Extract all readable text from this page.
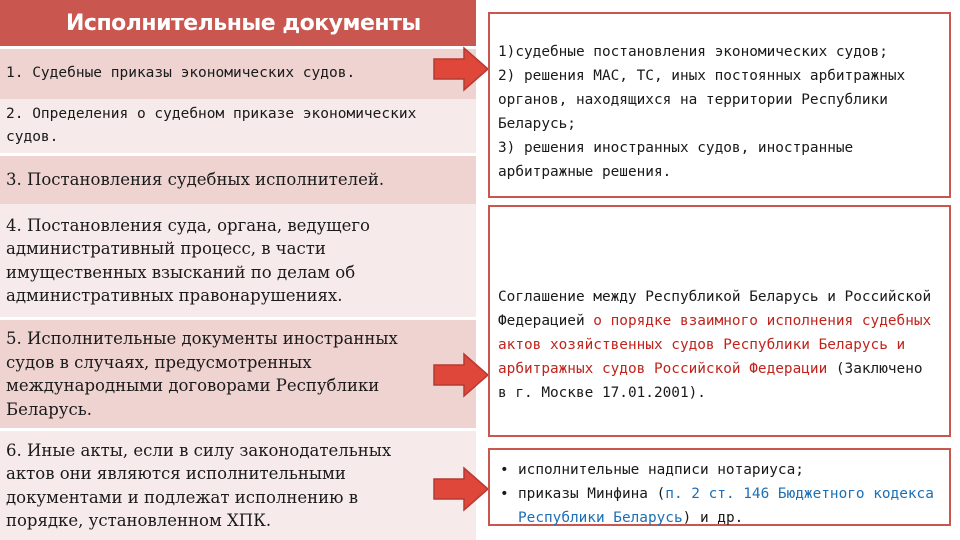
Исполнительные документы
1. Судебные приказы экономических судов.
2. Определения о судебном приказе экономических судов.
3. Постановления судебных исполнителей.
4. Постановления суда, органа, ведущего административный процесс, в части имущественных взысканий по делам об административных правонарушениях.
5. Исполнительные документы иностранных судов в случаях, предусмотренных международными договорами Республики Беларусь.
6. Иные акты, если в силу законодательных актов они являются исполнительными документами и подлежат исполнению в порядке, установленном ХПК.
1)судебные постановления экономических судов;
2) решения МАС, ТС, иных постоянных арбитражных органов, находящихся на территории Республики Беларусь;
3) решения иностранных судов, иностранные арбитражные решения.
Соглашение между Республикой Беларусь и Российской Федерацией о порядке взаимного исполнения судебных актов хозяйственных судов Республики Беларусь и арбитражных судов Российской Федерации (Заключено в г. Москве 17.01.2001).
• исполнительные надписи нотариуса;
• приказы Минфина (п. 2 ст. 146 Бюджетного кодекса Республики Беларусь) и др.
